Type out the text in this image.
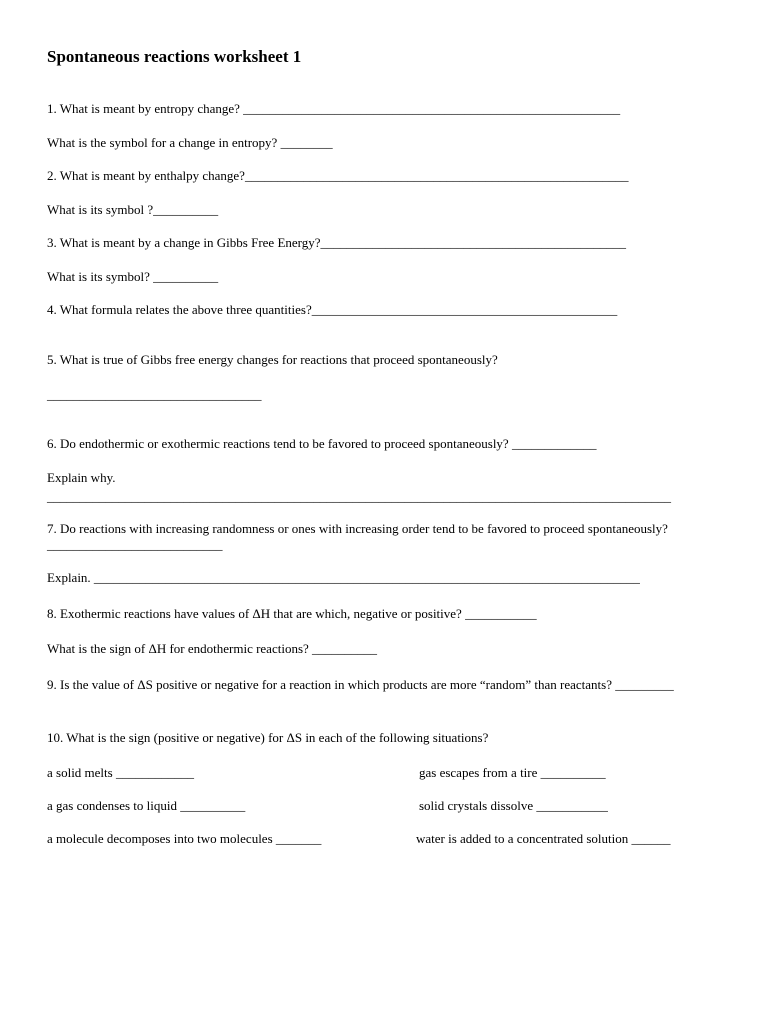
Spontaneous reactions worksheet 1
1. What is meant by entropy change? __________________________________________________________
What is the symbol for a change in entropy? ________
2. What is meant by enthalpy change?___________________________________________________________
What is its symbol ?__________
3. What is meant by a change in Gibbs Free Energy?_______________________________________________
What is its symbol? __________
4. What formula relates the above three quantities?_______________________________________________
5. What is true of Gibbs free energy changes for reactions that proceed spontaneously?
_________________________________
6. Do endothermic or exothermic reactions tend to be favored to proceed spontaneously? _____________
Explain why.
________________________________________________________________________________________________
7. Do reactions with increasing randomness or ones with increasing order tend to be favored to proceed spontaneously? ___________________________
Explain. ____________________________________________________________________________________
8. Exothermic reactions have values of ΔH that are which, negative or positive? ___________
What is the sign of ΔH for endothermic reactions? __________
9. Is the value of ΔS positive or negative for a reaction in which products are more “random” than reactants? _________
10. What is the sign (positive or negative) for ΔS in each of the following situations?
a solid melts ____________
a gas condenses to liquid __________
a molecule decomposes into two molecules _______
gas escapes from a tire __________
solid crystals dissolve ___________
water is added to a concentrated solution ______
